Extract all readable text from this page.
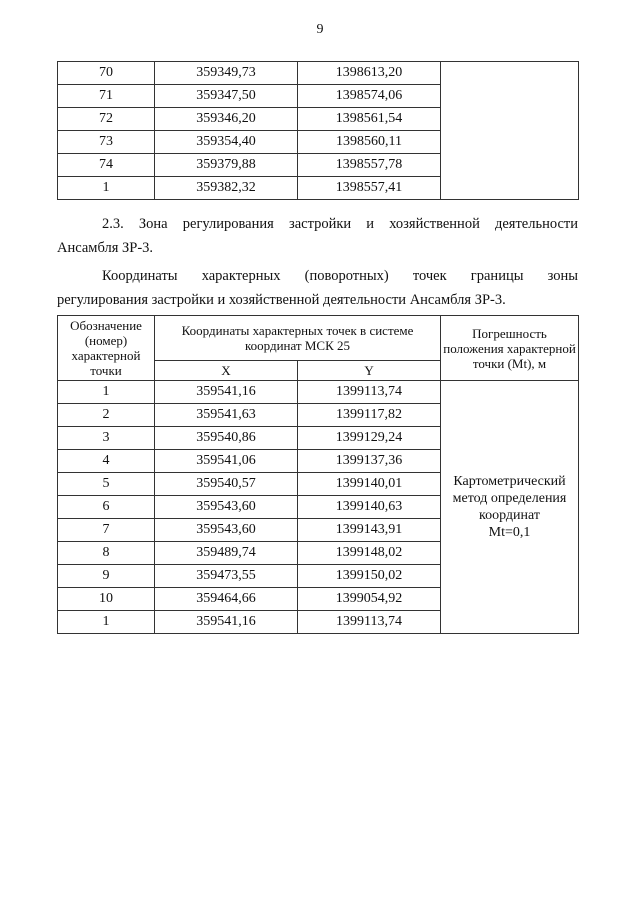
9
70	359349,73	1398613,20	
71	359347,50	1398574,06	
72	359346,20	1398561,54	
73	359354,40	1398560,11	
74	359379,88	1398557,78	
1	359382,32	1398557,41	

2.3. Зона регулирования застройки и хозяйственной деятельности

Ансамбля ЗР-3.

Координаты характерных (поворотных) точек границы зоны

регулирования застройки и хозяйственной деятельности Ансамбля ЗР-3.

Обозначение (номер) характерной точки	Координаты характерных точек в системе координат МСК 25		Погрешность положения характерной точки (Mt), м
	X	Y	
1	359541,16	1399113,74	Картометрический
метод определения
координат
Mt=0,1

2	359541,63	1399117,82	
3	359540,86	1399129,24	
4	359541,06	1399137,36	
5	359540,57	1399140,01	
6	359543,60	1399140,63	
7	359543,60	1399143,91	
8	359489,74	1399148,02	
9	359473,55	1399150,02	
10	359464,66	1399054,92	
1	359541,16	1399113,74	
